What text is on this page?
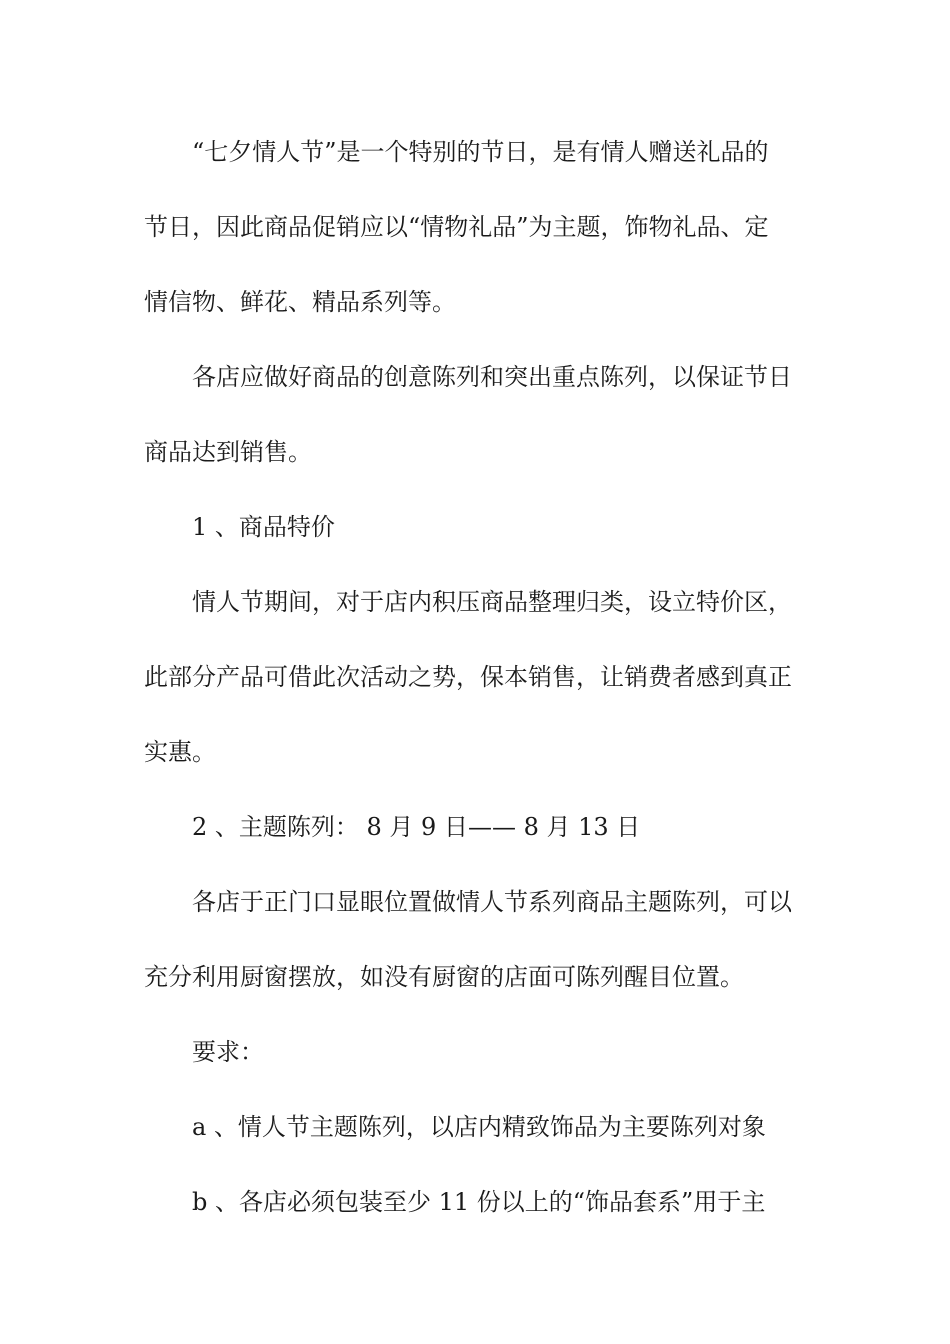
“七夕情人节”是一个特别的节日，是有情人赠送礼品的
节日，因此商品促销应以“情物礼品”为主题，饰物礼品、定
情信物、鲜花、精品系列等。
各店应做好商品的创意陈列和突出重点陈列，以保证节日
商品达到销售。
1 、商品特价
情人节期间，对于店内积压商品整理归类，设立特价区，
此部分产品可借此次活动之势，保本销售，让销费者感到真正
实惠。
2 、主题陈列： 8 月 9 日—— 8 月 13 日
各店于正门口显眼位置做情人节系列商品主题陈列，可以
充分利用厨窗摆放，如没有厨窗的店面可陈列醒目位置。
要求：
a 、情人节主题陈列，以店内精致饰品为主要陈列对象
b 、各店必须包装至少 11 份以上的“饰品套系”用于主
